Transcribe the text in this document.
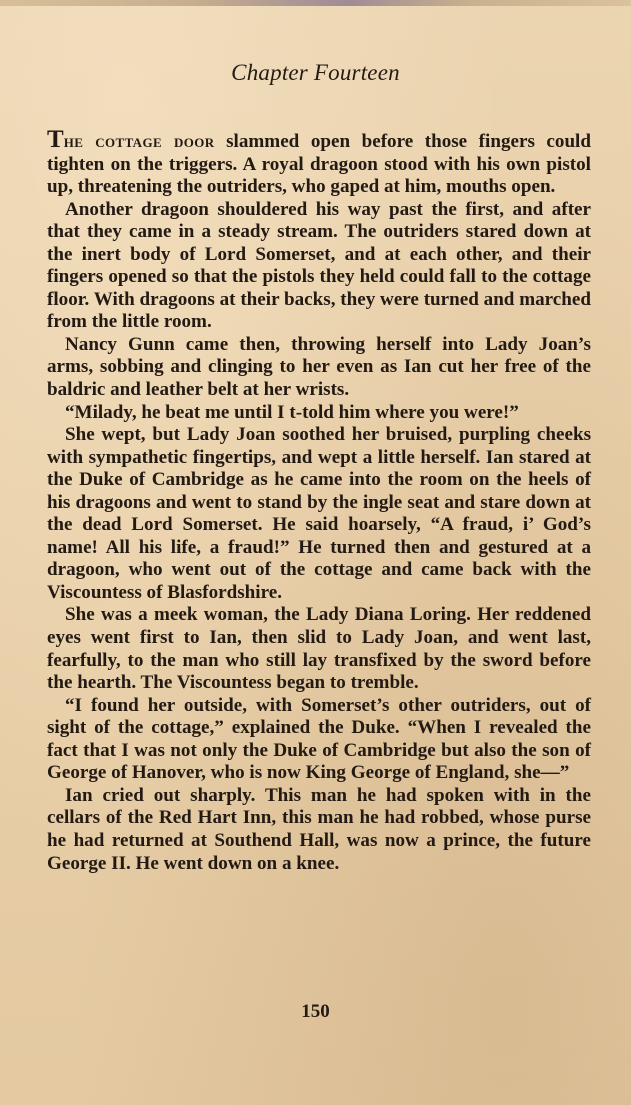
Chapter Fourteen

The cottage door slammed open before those fingers could tighten on the triggers. A royal dragoon stood with his own pistol up, threatening the outriders, who gaped at him, mouths open.

Another dragoon shouldered his way past the first, and after that they came in a steady stream. The outriders stared down at the inert body of Lord Somerset, and at each other, and their fingers opened so that the pistols they held could fall to the cottage floor. With dragoons at their backs, they were turned and marched from the little room.

Nancy Gunn came then, throwing herself into Lady Joan’s arms, sobbing and clinging to her even as Ian cut her free of the baldric and leather belt at her wrists.

“Milady, he beat me until I t-told him where you were!”

She wept, but Lady Joan soothed her bruised, purpling cheeks with sympathetic fingertips, and wept a little herself. Ian stared at the Duke of Cambridge as he came into the room on the heels of his dragoons and went to stand by the ingle seat and stare down at the dead Lord Somerset. He said hoarsely, “A fraud, i’ God’s name! All his life, a fraud!” He turned then and gestured at a dragoon, who went out of the cottage and came back with the Viscountess of Blasfordshire.

She was a meek woman, the Lady Diana Loring. Her reddened eyes went first to Ian, then slid to Lady Joan, and went last, fearfully, to the man who still lay transfixed by the sword before the hearth. The Viscountess began to tremble.

“I found her outside, with Somerset’s other outriders, out of sight of the cottage,” explained the Duke. “When I revealed the fact that I was not only the Duke of Cambridge but also the son of George of Hanover, who is now King George of England, she—”

Ian cried out sharply. This man he had spoken with in the cellars of the Red Hart Inn, this man he had robbed, whose purse he had returned at Southend Hall, was now a prince, the future George II. He went down on a knee.

150
